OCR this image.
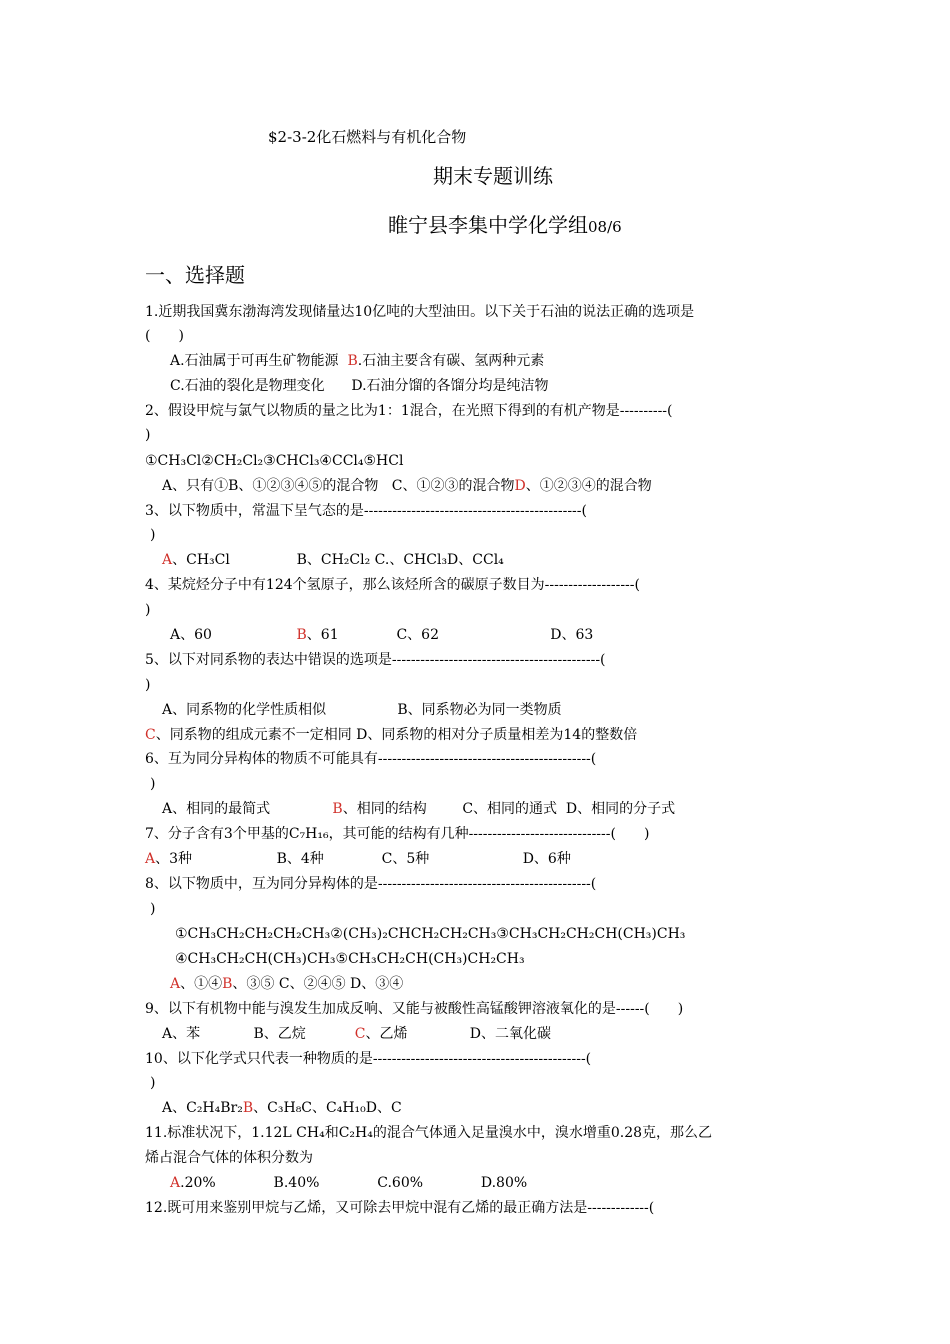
$2-3-2化石燃料与有机化合物
期末专题训练
睢宁县李集中学化学组08/6
一、选择题
1.近期我国冀东渤海湾发现储量达10亿吨的大型油田。以下关于石油的说法正确的选项是
(　　)
A.石油属于可再生矿物能源  B.石油主要含有碳、氢两种元素
C.石油的裂化是物理变化      D.石油分馏的各馏分均是纯洁物
2、假设甲烷与氯气以物质的量之比为1：1混合，在光照下得到的有机产物是----------(
)
①CH₃Cl②CH₂Cl₂③CHCl₃④CCl₄⑤HCl
A、只有①B、①②③④⑤的混合物   C、①②③的混合物D、①②③④的混合物
3、以下物质中，常温下呈气态的是----------------------------------------------(
)
A、CH₃Cl               B、CH₂Cl₂ C.、CHCl₃D、CCl₄
4、某烷烃分子中有124个氢原子，那么该烃所含的碳原子数目为-------------------(
)
A、60                   B、61             C、62                         D、63
5、以下对同系物的表达中错误的选项是--------------------------------------------(
)
A、同系物的化学性质相似                B、同系物必为同一类物质
C、同系物的组成元素不一定相同 D、同系物的相对分子质量相差为14的整数倍
6、互为同分异构体的物质不可能具有---------------------------------------------(
)
A、相同的最简式              B、相同的结构        C、相同的通式  D、相同的分子式
7、分子含有3个甲基的C₇H₁₆，其可能的结构有几种------------------------------(　　)
A、3种                   B、4种             C、5种                     D、6种
8、以下物质中，互为同分异构体的是---------------------------------------------(
)
①CH₃CH₂CH₂CH₂CH₃②(CH₃)₂CHCH₂CH₂CH₃③CH₃CH₂CH₂CH(CH₃)CH₃
④CH₃CH₂CH(CH₃)CH₃⑤CH₃CH₂CH(CH₃)CH₂CH₃
A、①④B、③⑤ C、②④⑤ D、③④
9、以下有机物中能与溴发生加成反响、又能与被酸性高锰酸钾溶液氧化的是------(　　)
A、苯            B、乙烷           C、乙烯              D、二氧化碳
10、以下化学式只代表一种物质的是---------------------------------------------(
)
A、C₂H₄Br₂B、C₃H₈C、C₄H₁₀D、C
11.标准状况下，1.12L CH₄和C₂H₄的混合气体通入足量溴水中，溴水增重0.28克，那么乙
烯占混合气体的体积分数为
A.20%             B.40%             C.60%             D.80%
12.既可用来鉴别甲烷与乙烯，又可除去甲烷中混有乙烯的最正确方法是-------------(
